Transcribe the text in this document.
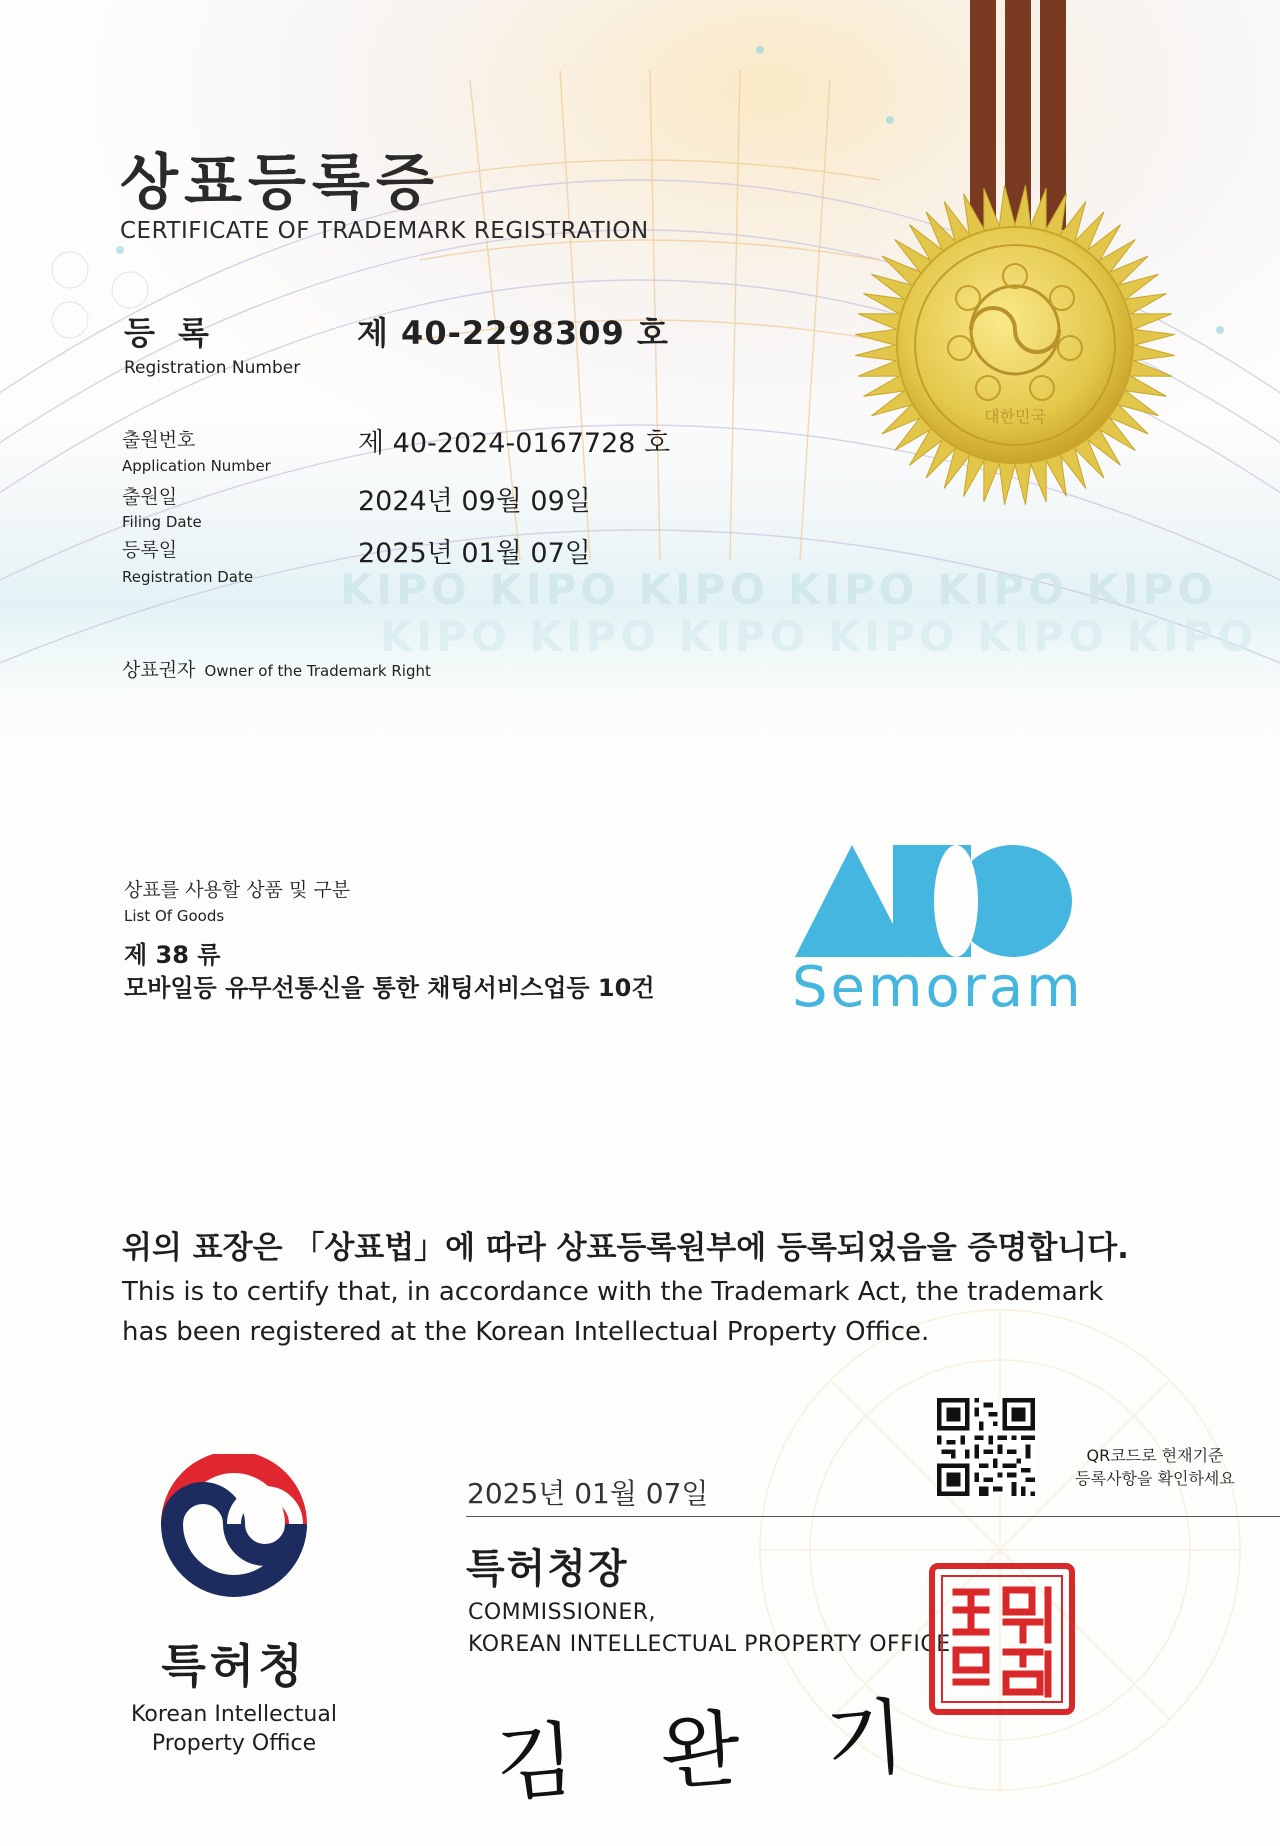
KIPO KIPO KIPO KIPO KIPO KIPO
KIPO KIPO KIPO KIPO KIPO KIPO
대한민국
상표등록증
CERTIFICATE OF TRADEMARK REGISTRATION
등 록
Registration Number
제 40-2298309 호
출원번호
Application Number
제 40-2024-0167728 호
출원일
Filing Date
2024년 09월 09일
등록일
Registration Date
2025년 01월 07일
상표권자 Owner of the Trademark Right
상표를 사용할 상품 및 구분
List Of Goods
제 38 류
모바일등 유무선통신을 통한 채팅서비스업등 10건 Semoram
위의 표장은 「상표법」에 따라 상표등록원부에 등록되었음을 증명합니다.
This is to certify that, in accordance with the Trademark Act, the trademark
has been registered at the Korean Intellectual Property Office.
QR코드로 현재기준
등록사항을 확인하세요
2025년 01월 07일
특허청장
COMMISSIONER,
KOREAN INTELLECTUAL PROPERTY OFFICE
김 완 기
특허청
Korean Intellectual
Property Office
